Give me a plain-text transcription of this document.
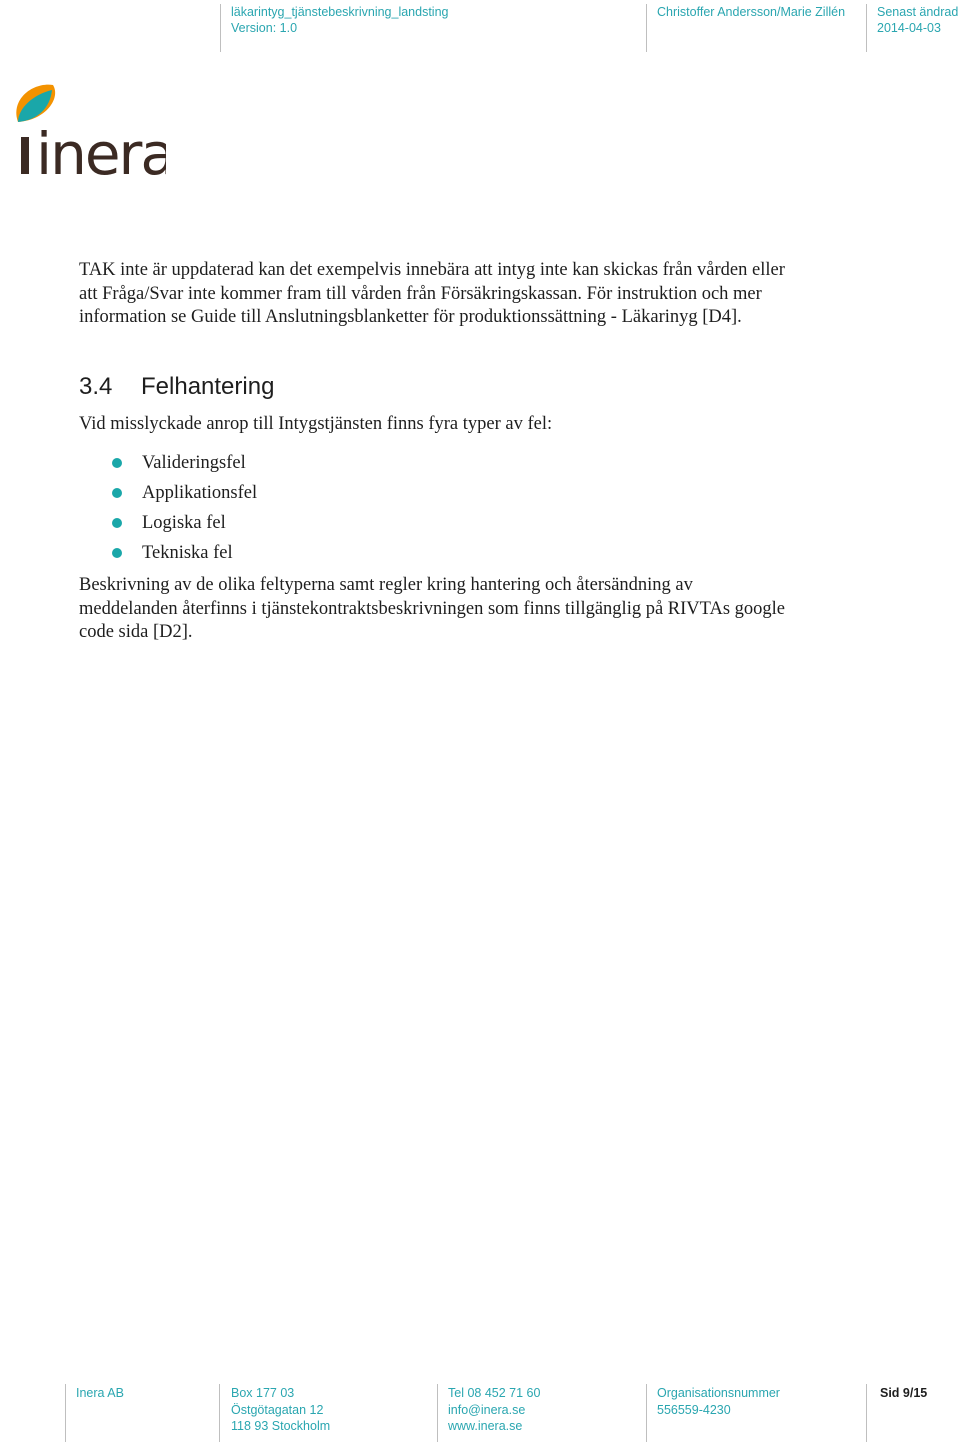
läkarintyg_tjänstebeskrivning_landsting
Version: 1.0
Christoffer Andersson/Marie Zillén	Senast ändrad
2014-04-03
inera
TAK inte är uppdaterad kan det exempelvis innebära att intyg inte kan skickas från vården eller
att Fråga/Svar inte kommer fram till vården från Försäkringskassan. För instruktion och mer
information se Guide till Anslutningsblanketter för produktionssättning - Läkarinyg [D4].
3.4 Felhantering
Vid misslyckade anrop till Intygstjänsten finns fyra typer av fel:
Valideringsfel
Applikationsfel
Logiska fel
Tekniska fel
Beskrivning av de olika feltyperna samt regler kring hantering och återsändning av
meddelanden återfinns i tjänstekontraktsbeskrivningen som finns tillgänglig på RIVTAs google
code sida [D2].
Inera AB	Box 177 03
Östgötagatan 12
118 93 Stockholm
Tel 08 452 71 60
info@inera.se
www.inera.se
Organisationsnummer
556559-4230
Sid 9/15
